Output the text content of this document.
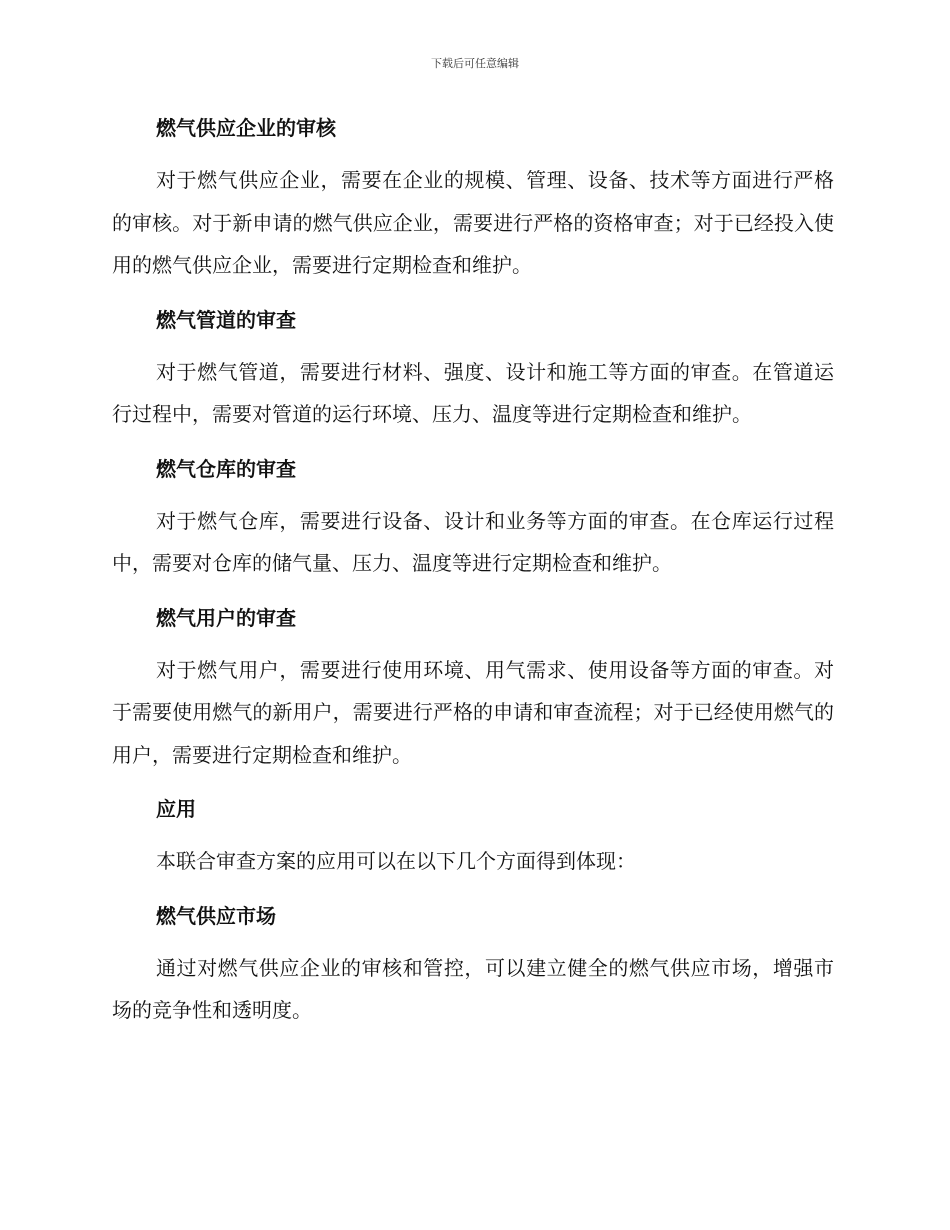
下载后可任意编辑
燃气供应企业的审核

对于燃气供应企业，需要在企业的规模、管理、设备、技术等方面进行严格的审核。对于新申请的燃气供应企业，需要进行严格的资格审查；对于已经投入使用的燃气供应企业，需要进行定期检查和维护。

燃气管道的审查

对于燃气管道，需要进行材料、强度、设计和施工等方面的审查。在管道运行过程中，需要对管道的运行环境、压力、温度等进行定期检查和维护。

燃气仓库的审查

对于燃气仓库，需要进行设备、设计和业务等方面的审查。在仓库运行过程中，需要对仓库的储气量、压力、温度等进行定期检查和维护。

燃气用户的审查

对于燃气用户，需要进行使用环境、用气需求、使用设备等方面的审查。对于需要使用燃气的新用户，需要进行严格的申请和审查流程；对于已经使用燃气的用户，需要进行定期检查和维护。

应用

本联合审查方案的应用可以在以下几个方面得到体现：

燃气供应市场

通过对燃气供应企业的审核和管控，可以建立健全的燃气供应市场，增强市场的竞争性和透明度。
